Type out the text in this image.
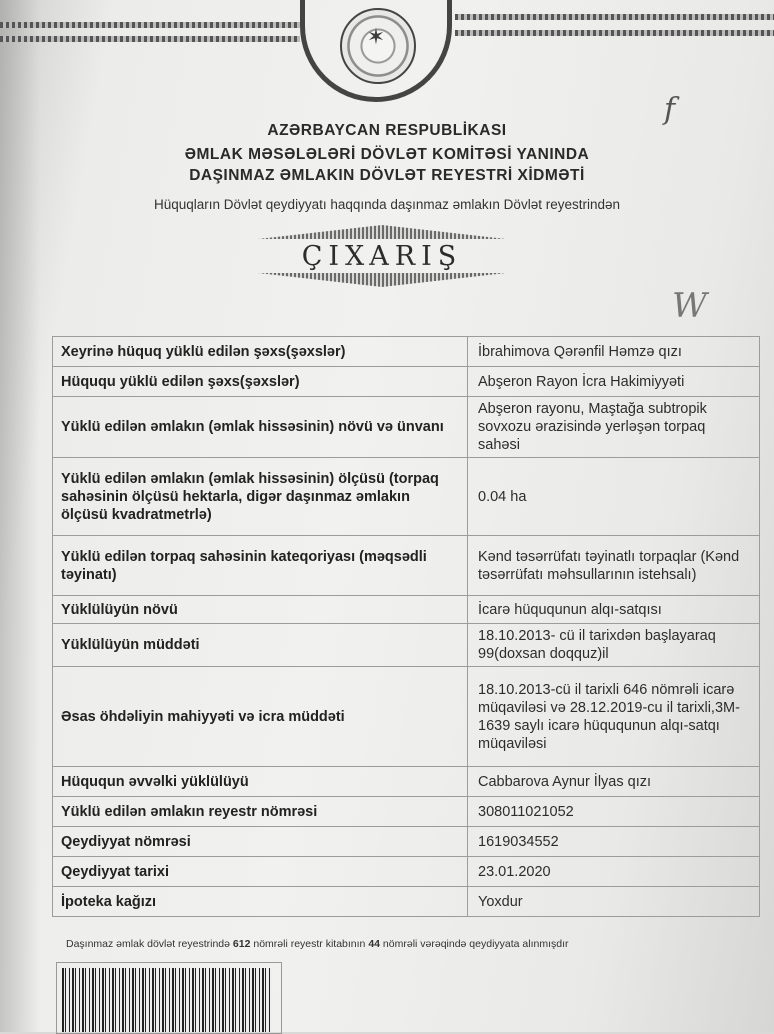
✶
f
W
AZƏRBAYCAN RESPUBLİKASI
ƏMLAK MƏSƏLƏLƏRİ DÖVLƏT KOMİTƏSİ YANINDA
DAŞINMAZ ƏMLAKIN DÖVLƏT REYESTRİ XİDMƏTİ
Hüquqların Dövlət qeydiyyatı haqqında daşınmaz əmlakın Dövlət reyestrindən
ÇIXARIŞ
Xeyrinə hüquq yüklü edilən şəxs(şəxslər)	İbrahimova Qərənfil Həmzə qızı
Hüququ yüklü edilən şəxs(şəxslər)	Abşeron Rayon İcra Hakimiyyəti
Yüklü edilən əmlakın (əmlak hissəsinin) növü və ünvanı	Abşeron rayonu, Maştağa subtropik sovxozu ərazisində yerləşən torpaq sahəsi
Yüklü edilən əmlakın (əmlak hissəsinin) ölçüsü (torpaq sahəsinin ölçüsü hektarla, digər daşınmaz əmlakın ölçüsü kvadratmetrlə)	0.04 ha
Yüklü edilən torpaq sahəsinin kateqoriyası (məqsədli təyinatı)	Kənd təsərrüfatı təyinatlı torpaqlar (Kənd təsərrüfatı məhsullarının istehsalı)
Yüklülüyün növü	İcarə hüququnun alqı-satqısı
Yüklülüyün müddəti	18.10.2013- cü il tarixdən başlayaraq 99(doxsan doqquz)il
Əsas öhdəliyin mahiyyəti və icra müddəti	18.10.2013-cü il tarixli 646 nömrəli icarə müqaviləsi və 28.12.2019-cu il tarixli,3M-1639 saylı icarə hüququnun alqı-satqı müqaviləsi
Hüququn əvvəlki yüklülüyü	Cabbarova Aynur İlyas qızı
Yüklü edilən əmlakın reyestr nömrəsi	308011021052
Qeydiyyat nömrəsi	1619034552
Qeydiyyat tarixi	23.01.2020
İpoteka kağızı	Yoxdur
Daşınmaz əmlak dövlət reyestrində 612 nömrəli reyestr kitabının 44 nömrəli vərəqində qeydiyyata alınmışdır
